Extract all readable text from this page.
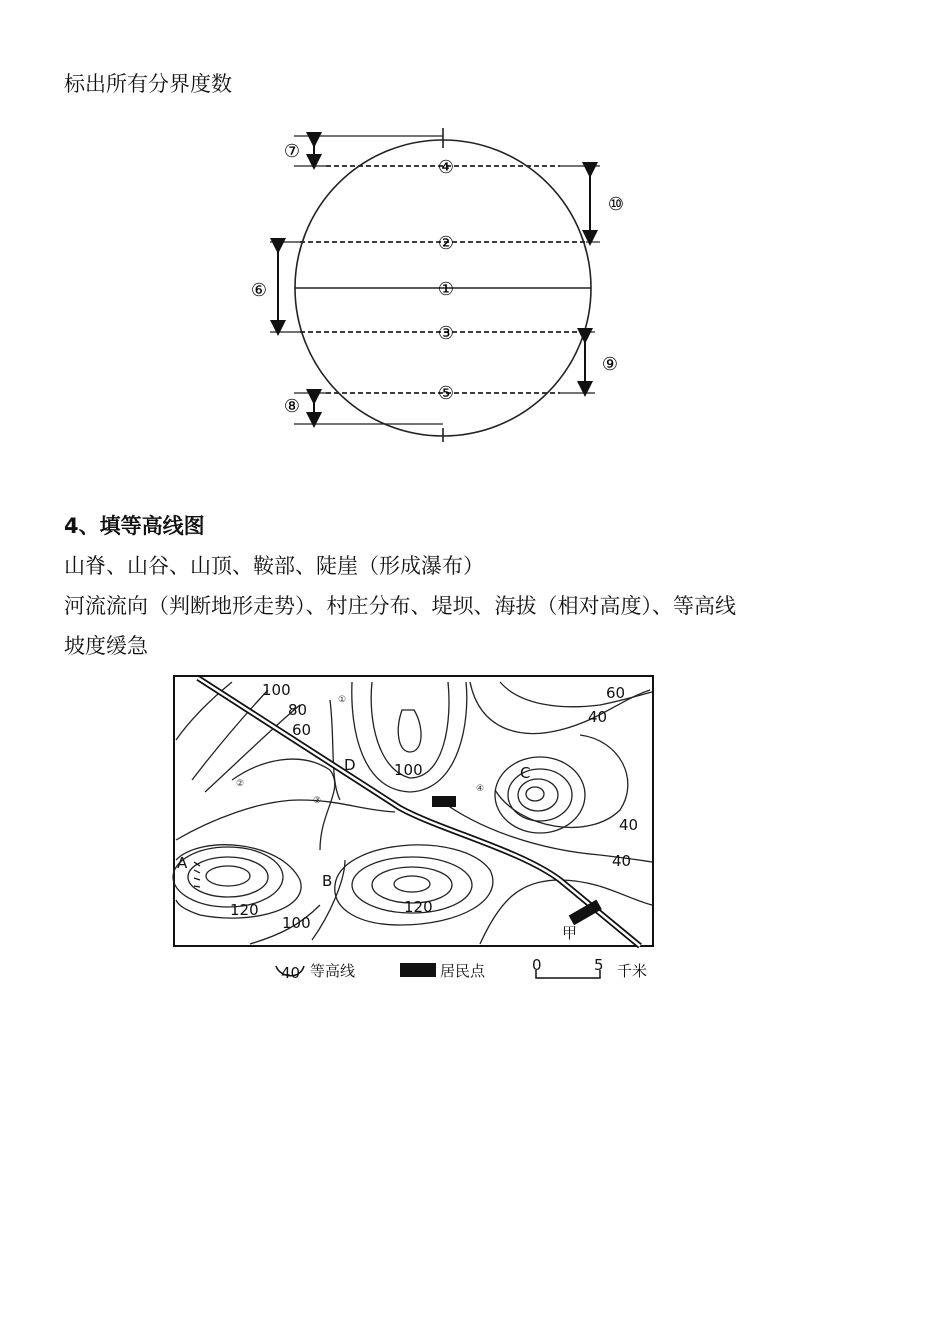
标出所有分界度数
①
②
③
④
⑤
⑥
⑦
⑧
⑨
⑩
4、填等高线图
山脊、山谷、山顶、鞍部、陡崖（形成瀑布）
河流流向（判断地形走势）、村庄分布、堤坝、海拔（相对高度）、等高线
坡度缓急
100
80
60
100
60
40
40
40
120
100
120
A
B
C
D
甲
①
②
③
④
40 等高线	居民点	0	5 千米
